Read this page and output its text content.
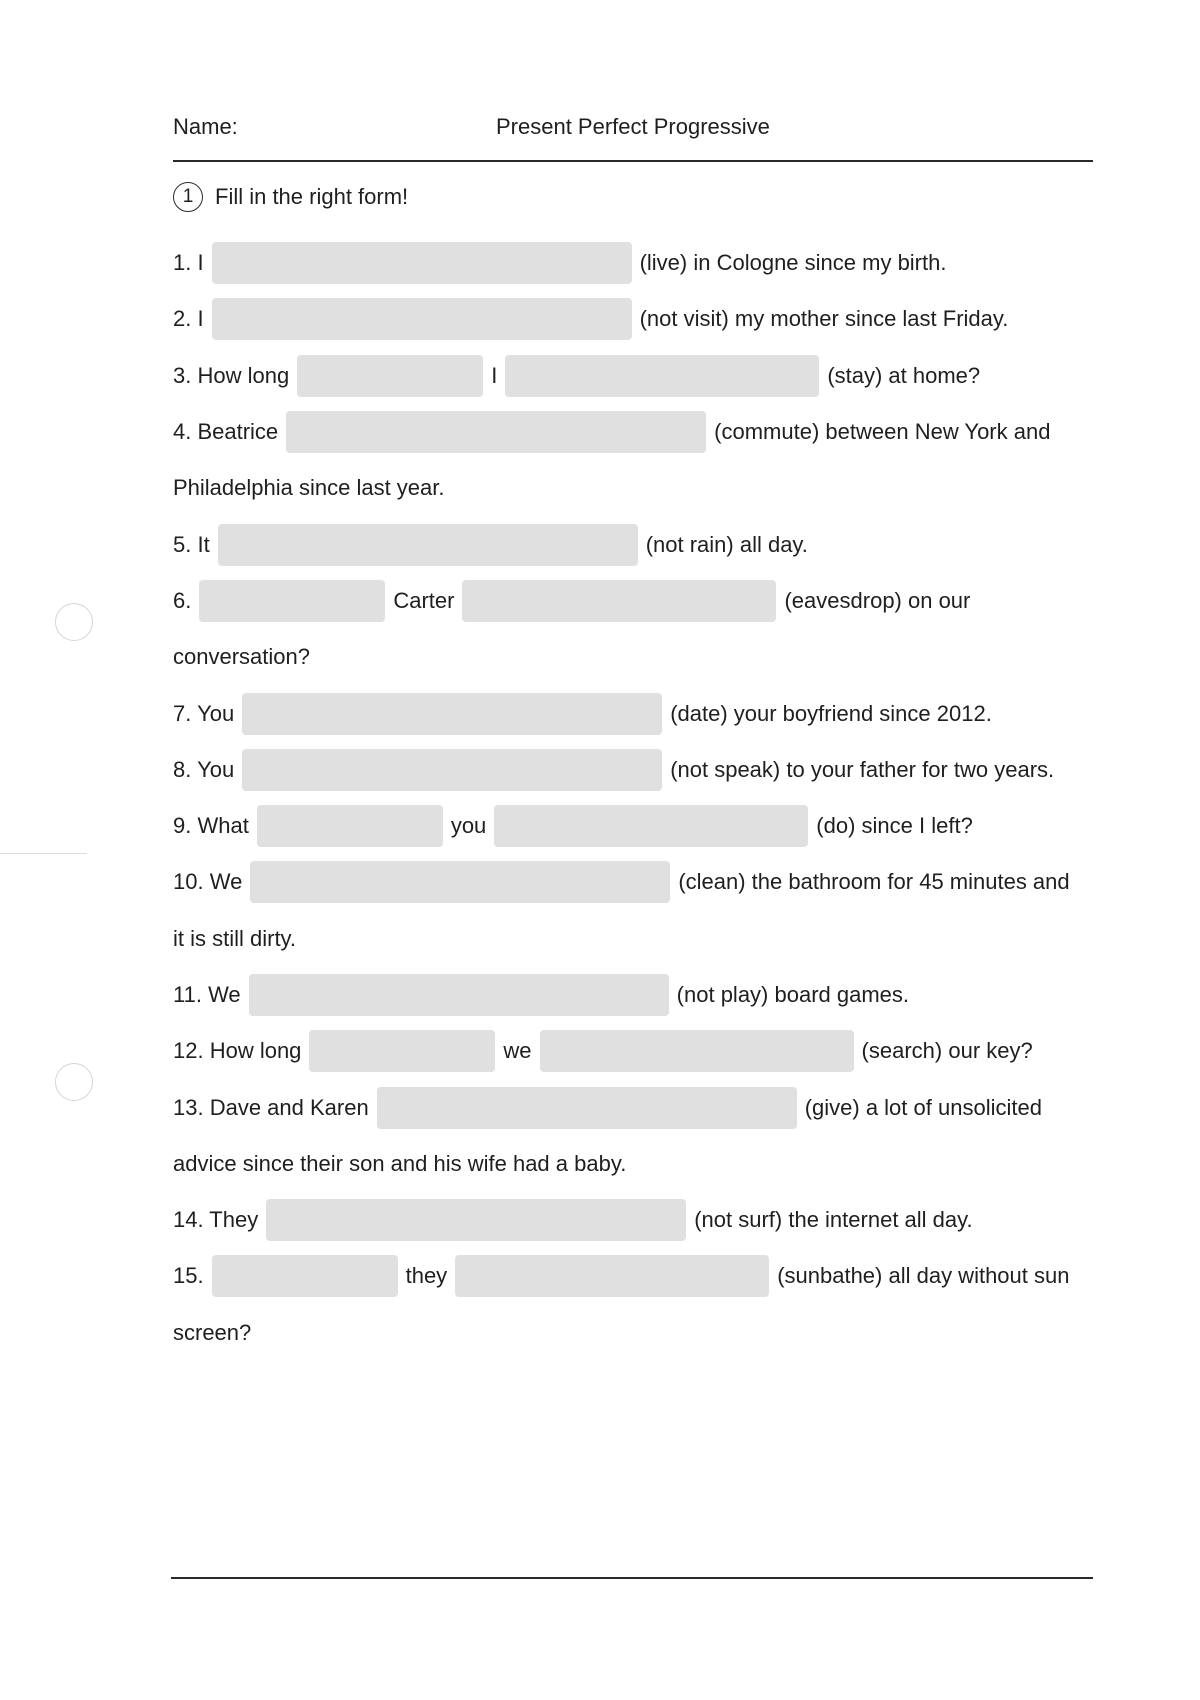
Name:	Present Perfect Progressive
1 Fill in the right form!
1. I	(live) in Cologne since my birth.
2. I	(not visit) my mother since last Friday.
3. How long	I	(stay) at home?
4. Beatrice	(commute) between New York and
Philadelphia since last year.
5. It	(not rain) all day.
6.	Carter	(eavesdrop) on our
conversation?
7. You	(date) your boyfriend since 2012.
8. You	(not speak) to your father for two years.
9. What	you	(do) since I left?
10. We	(clean) the bathroom for 45 minutes and
it is still dirty.
11. We	(not play) board games.
12. How long	we	(search) our key?
13. Dave and Karen	(give) a lot of unsolicited
advice since their son and his wife had a baby.
14. They	(not surf) the internet all day.
15.	they	(sunbathe) all day without sun
screen?
